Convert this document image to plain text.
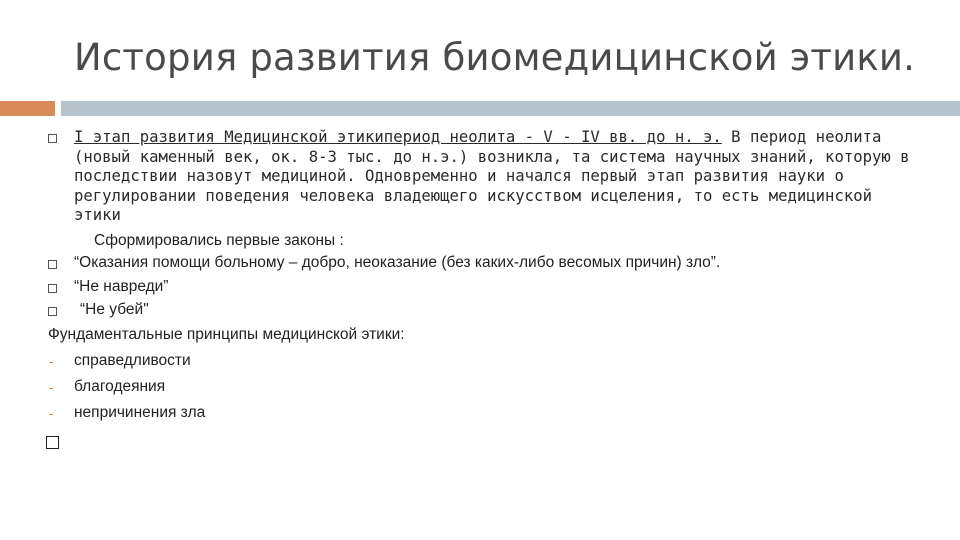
История развития биомедицинской этики.
I этап развития Медицинской этикипериод неолита - V - IV вв. до н. э. В период неолита (новый каменный век, ок. 8-3 тыс. до н.э.) возникла, та система научных знаний, которую в последствии назовут медициной. Одновременно и начался первый этап развития науки о регулировании поведения человека владеющего искусством исцеления, то есть медицинской этики
Сформировались первые законы :
“Оказания помощи больному – добро, неоказание (без каких-либо весомых причин) зло”.
“Не навреди”
“Не убей"
Фундаментальные принципы медицинской этики:
- справедливости
- благодеяния
- непричинения зла
